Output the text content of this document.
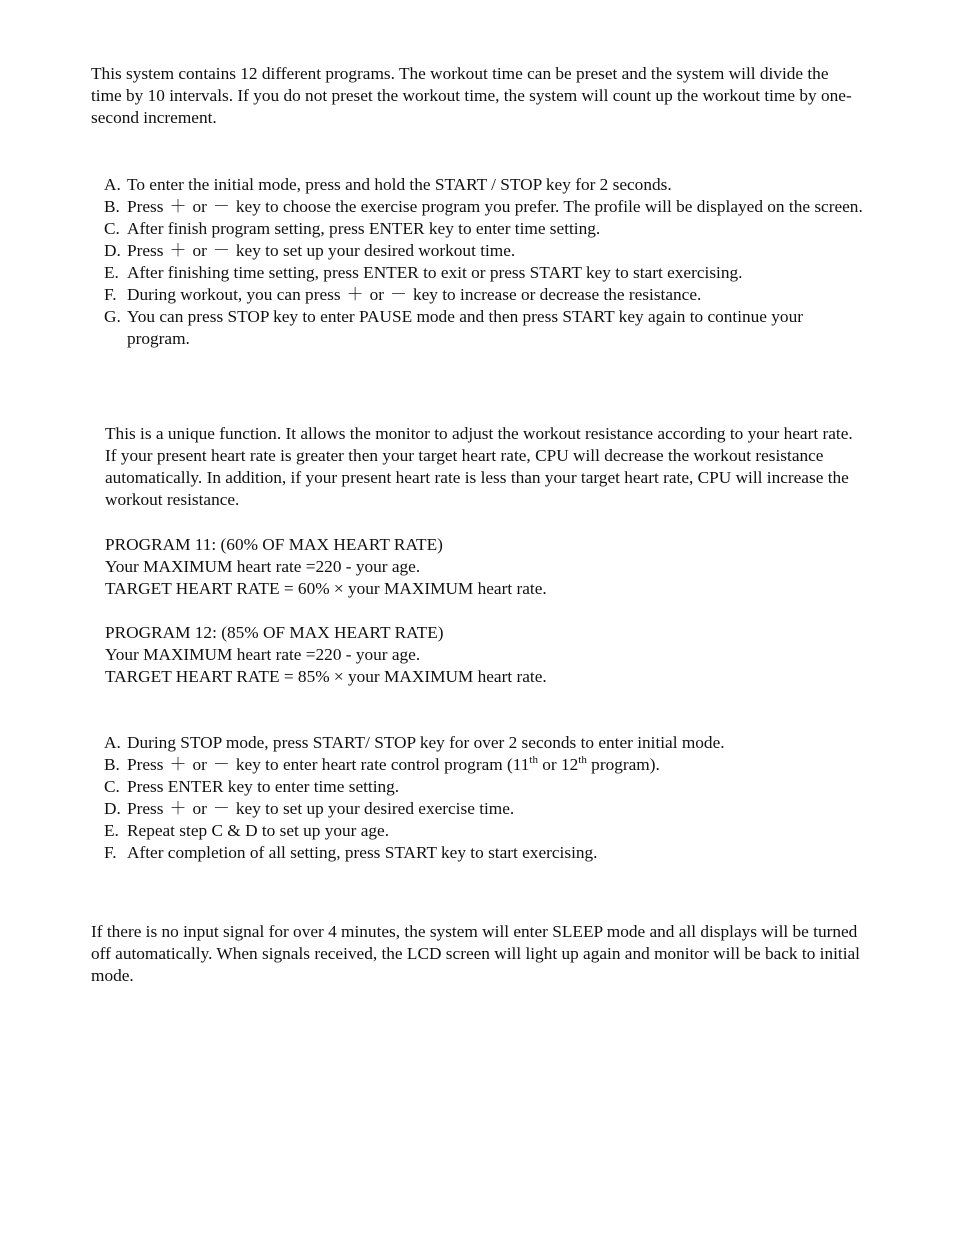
This system contains 12 different programs. The workout time can be preset and the system will divide the time by 10 intervals. If you do not preset the workout time, the system will count up the workout time by one-second increment.

A. To enter the initial mode, press and hold the START / STOP key for 2 seconds.
B. Press ＋ or － key to choose the exercise program you prefer. The profile will be displayed on the screen.
C. After finish program setting, press ENTER key to enter time setting.
D. Press ＋ or － key to set up your desired workout time.
E. After finishing time setting, press ENTER to exit or press START key to start exercising.
F. During workout, you can press ＋ or － key to increase or decrease the resistance.
G. You can press STOP key to enter PAUSE mode and then press START key again to continue your program.

This is a unique function. It allows the monitor to adjust the workout resistance according to your heart rate. If your present heart rate is greater then your target heart rate, CPU will decrease the workout resistance automatically. In addition, if your present heart rate is less than your target heart rate, CPU will increase the workout resistance.

PROGRAM 11: (60% OF MAX HEART RATE)
Your MAXIMUM heart rate =220 - your age.
TARGET HEART RATE = 60% × your MAXIMUM heart rate.
PROGRAM 12: (85% OF MAX HEART RATE)
Your MAXIMUM heart rate =220 - your age.
TARGET HEART RATE = 85% × your MAXIMUM heart rate.
A. During STOP mode, press START/ STOP key for over 2 seconds to enter initial mode.
B. Press ＋ or － key to enter heart rate control program (11th or 12th program).
C. Press ENTER key to enter time setting.
D. Press ＋ or － key to set up your desired exercise time.
E. Repeat step C & D to set up your age.
F. After completion of all setting, press START key to start exercising.

If there is no input signal for over 4 minutes, the system will enter SLEEP mode and all displays will be turned off automatically. When signals received, the LCD screen will light up again and monitor will be back to initial mode.
